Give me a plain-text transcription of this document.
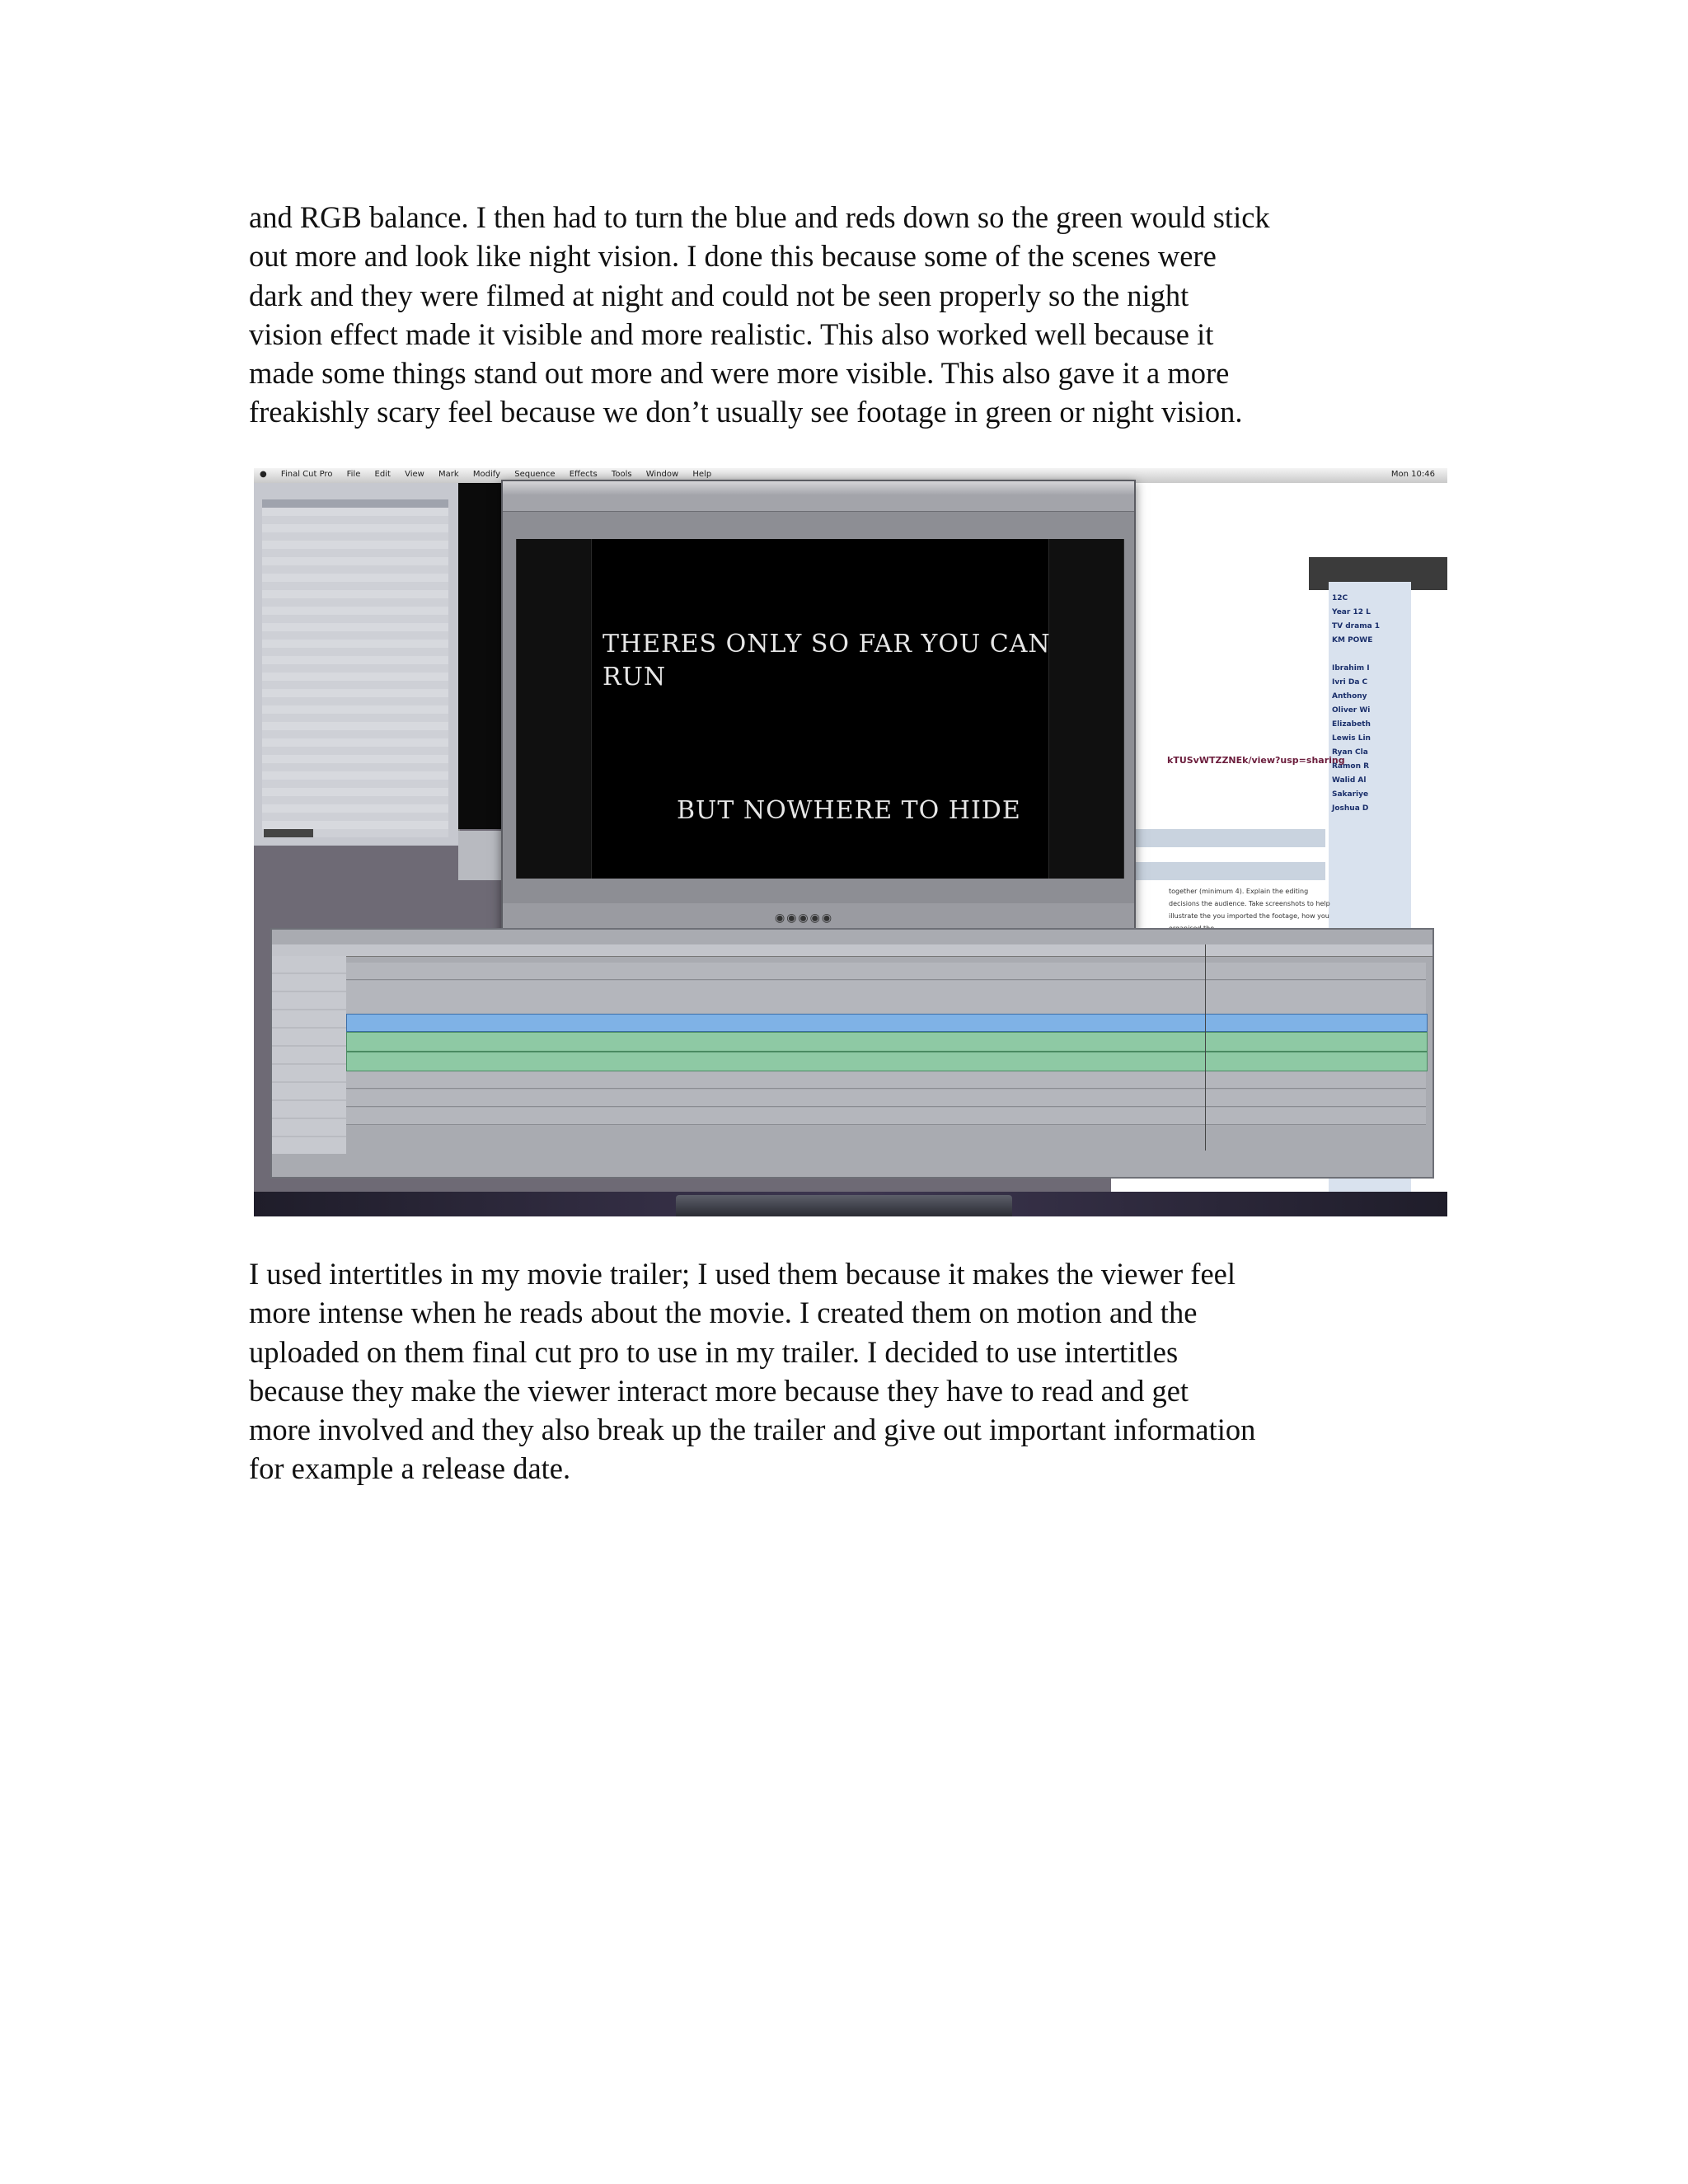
and RGB balance. I then had to turn the blue and reds down so the green would stick
out more and look like night vision. I done this because some of the scenes were
dark and they were filmed at night and could not be seen properly so the night
vision effect made it visible and more realistic. This also worked well because it
made some things stand out more and were more visible. This also gave it a more
freakishly scary feel because we don’t usually see footage in green or night vision.

● Final Cut Pro File Edit View Mark Modify Sequence Effects Tools Window Help	Mon 10:46
12C
Year 12 L
TV drama 1
KM POWE

Ibrahim I
Ivri Da C
Anthony
Oliver Wi
Elizabeth
Lewis Lin
Ryan Cla
Ramon R
Walid Al
Sakariye
Joshua D
kTUSvWTZZNEk/view?usp=sharing
together (minimum 4). Explain the editing decisions the audience. Take screenshots to help illustrate the you imported the footage, how you
THERES ONLY SO FAR YOU CAN
RUN
BUT NOWHERE TO HIDE
◉◉◉◉◉

I used intertitles in my movie trailer; I used them because it makes the viewer feel
more intense when he reads about the movie. I created them on motion and the
uploaded on them final cut pro to use in my trailer. I decided to use intertitles
because they make the viewer interact more because they have to read and get
more involved and they also break up the trailer and give out important information
for example a release date.
